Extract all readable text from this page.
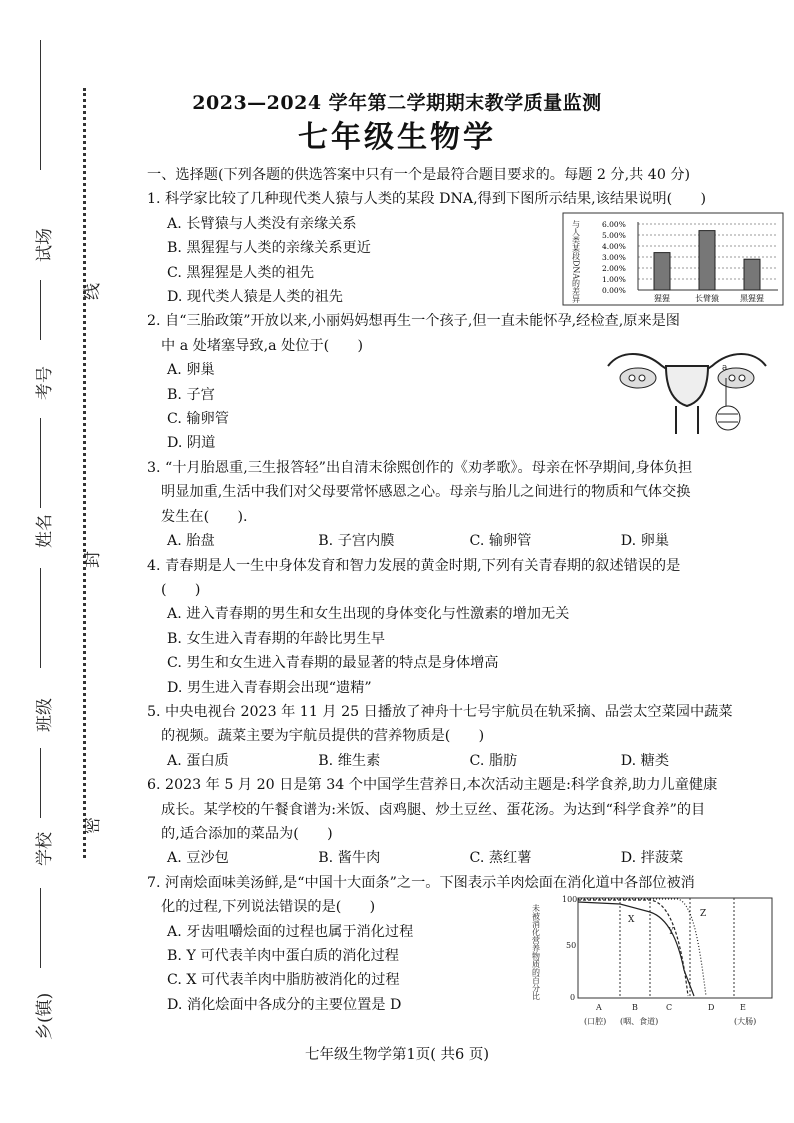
试场
考号
姓名
班级
学校
乡(镇)
线
封
密
2023—2024 学年第二学期期末教学质量监测
七年级生物学

一、选择题(下列各题的供选答案中只有一个是最符合题目要求的。每题 2 分,共 40 分)

1. 科学家比较了几种现代类人猿与人类的某段 DNA,得到下图所示结果,该结果说明(　　)

A. 长臂猿与人类没有亲缘关系

B. 黑猩猩与人类的亲缘关系更近

C. 黑猩猩是人类的祖先

D. 现代类人猿是人类的祖先

2. 自“三胎政策”开放以来,小丽妈妈想再生一个孩子,但一直未能怀孕,经检查,原来是图

中 a 处堵塞导致,a 处位于(　　)

A. 卵巢

B. 子宫

C. 输卵管

D. 阴道

3. “十月胎恩重,三生报答轻”出自清末徐熙创作的《劝孝歌》。母亲在怀孕期间,身体负担

明显加重,生活中我们对父母要常怀感恩之心。母亲与胎儿之间进行的物质和气体交换

发生在(　　).

A. 胎盘	B. 子宫内膜	C. 输卵管	D. 卵巢

4. 青春期是人一生中身体发育和智力发展的黄金时期,下列有关青春期的叙述错误的是

(　　)

A. 进入青春期的男生和女生出现的身体变化与性激素的增加无关

B. 女生进入青春期的年龄比男生早

C. 男生和女生进入青春期的最显著的特点是身体增高

D. 男生进入青春期会出现“遗精”

5. 中央电视台 2023 年 11 月 25 日播放了神舟十七号宇航员在轨采摘、品尝太空菜园中蔬菜

的视频。蔬菜主要为宇航员提供的营养物质是(　　)

A. 蛋白质	B. 维生素	C. 脂肪	D. 糖类

6. 2023 年 5 月 20 日是第 34 个中国学生营养日,本次活动主题是:科学食养,助力儿童健康

成长。某学校的午餐食谱为:米饭、卤鸡腿、炒土豆丝、蛋花汤。为达到“科学食养”的目

的,适合添加的菜品为(　　)

A. 豆沙包	B. 酱牛肉	C. 蒸红薯	D. 拌菠菜

7. 河南烩面味美汤鲜,是“中国十大面条”之一。下图表示羊肉烩面在消化道中各部位被消

化的过程,下列说法错误的是(　　)

A. 牙齿咀嚼烩面的过程也属于消化过程

B. Y 可代表羊肉中蛋白质的消化过程

C. X 可代表羊肉中脂肪被消化的过程

D. 消化烩面中各成分的主要位置是 D

与人类某段DNA的差异	6.00%
5.00%
4.00%
3.00%
2.00%
1.00%
0.00%
猩猩	长臂猿	黑猩猩
a
未被消化营养物质的百分比
100
50
0
X
Y
Z
A	B	C	D	E
(口腔) (咽、食道)	(大肠)
七年级生物学第1页( 共6 页)
